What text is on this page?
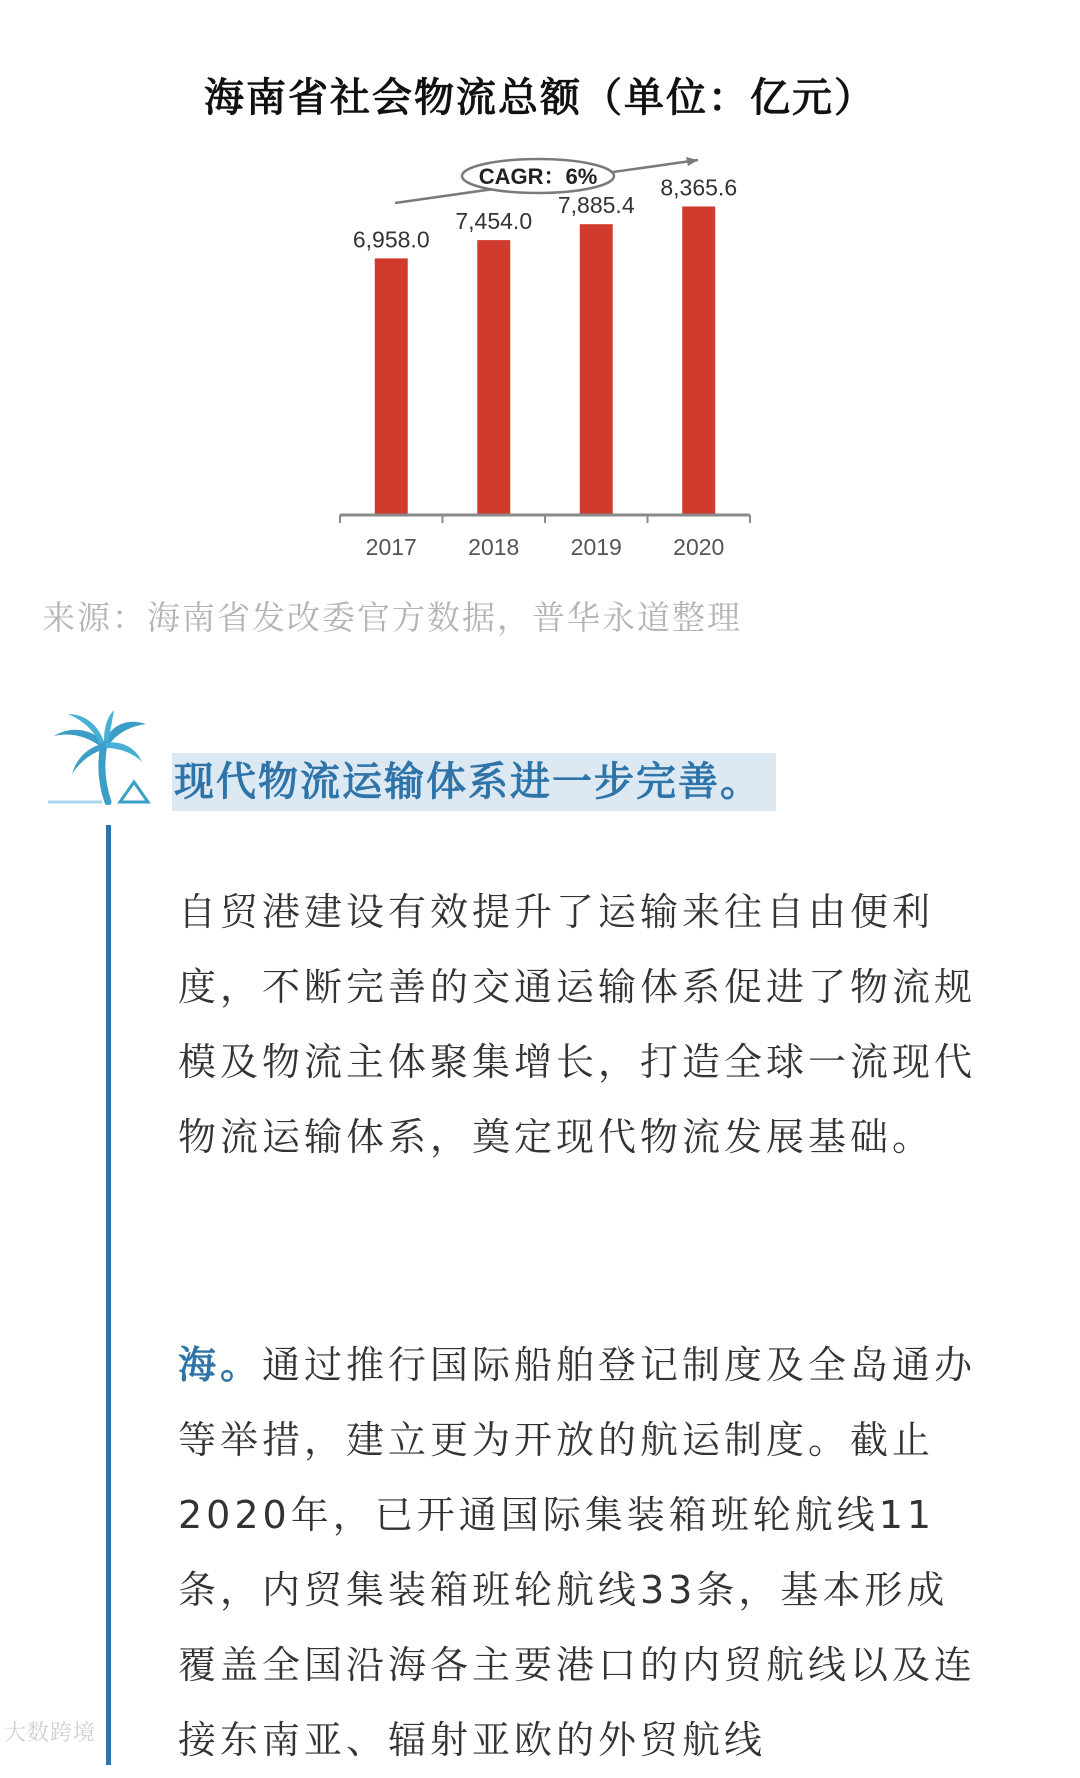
海南省社会物流总额（单位：亿元）
6,958.0
7,454.0
7,885.4
8,365.6
2017 2018 2019 2020
CAGR：6%
来源：海南省发改委官方数据，普华永道整理
现代物流运输体系进一步完善。

自贸港建设有效提升了运输来往自由便利度，不断完善的交通运输体系促进了物流规模及物流主体聚集增长，打造全球一流现代物流运输体系，奠定现代物流发展基础。

海。通过推行国际船舶登记制度及全岛通办等举措，建立更为开放的航运制度。截止2020年，已开通国际集装箱班轮航线11条，内贸集装箱班轮航线33条，基本形成覆盖全国沿海各主要港口的内贸航线以及连接东南亚、辐射亚欧的外贸航线

大数跨境
